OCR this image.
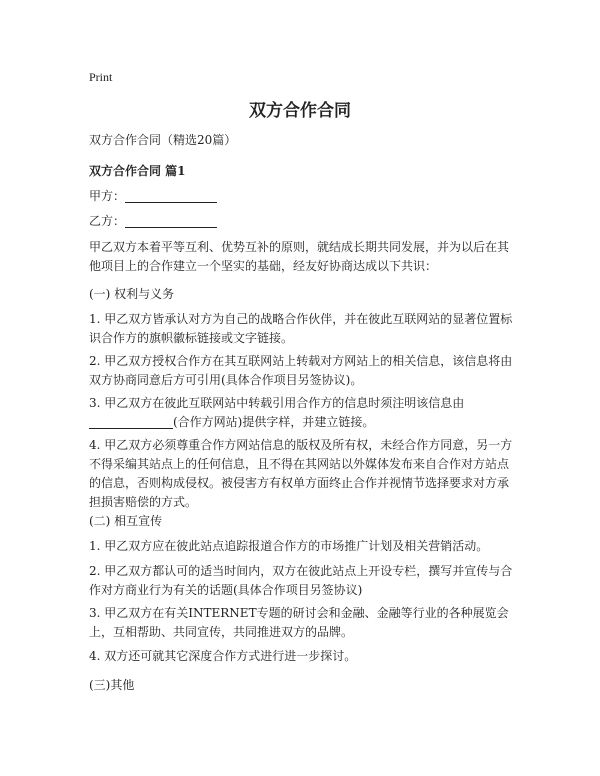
Print
双方合作合同
双方合作合同（精选20篇）
双方合作合同 篇1
甲方：
乙方：
甲乙双方本着平等互利、优势互补的原则，就结成长期共同发展，并为以后在其他项目上的合作建立一个坚实的基础，经友好协商达成以下共识：
(一) 权利与义务
1. 甲乙双方皆承认对方为自己的战略合作伙伴，并在彼此互联网站的显著位置标识合作方的旗帜徽标链接或文字链接。
2. 甲乙双方授权合作方在其互联网站上转载对方网站上的相关信息，该信息将由双方协商同意后方可引用(具体合作项目另签协议)。
3. 甲乙双方在彼此互联网站中转载引用合作方的信息时须注明该信息由(合作方网站)提供字样，并建立链接。
4. 甲乙双方必须尊重合作方网站信息的版权及所有权，未经合作方同意，另一方不得采编其站点上的任何信息，且不得在其网站以外媒体发布来自合作对方站点的信息，否则构成侵权。被侵害方有权单方面终止合作并视情节选择要求对方承担损害赔偿的方式。
(二) 相互宣传
1. 甲乙双方应在彼此站点追踪报道合作方的市场推广计划及相关营销活动。
2. 甲乙双方都认可的适当时间内，双方在彼此站点上开设专栏，撰写并宣传与合作对方商业行为有关的话题(具体合作项目另签协议)
3. 甲乙双方在有关INTERNET专题的研讨会和金融、金融等行业的各种展览会上，互相帮助、共同宣传，共同推进双方的品牌。
4. 双方还可就其它深度合作方式进行进一步探讨。
(三)其他
